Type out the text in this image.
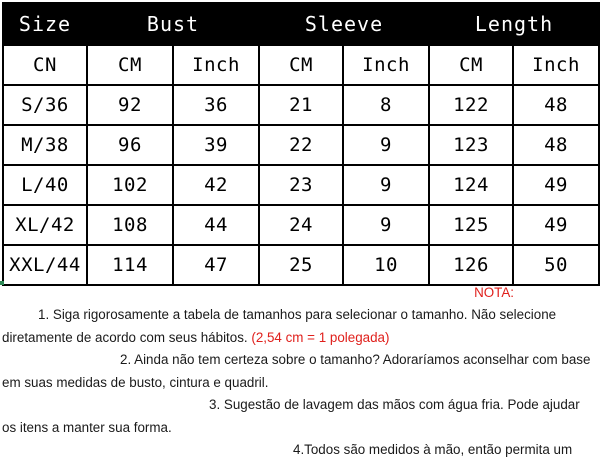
Size	Bust		Sleeve		Length	
CN	CM	Inch	CM	Inch	CM	Inch
S/36	92	36	21	8	122	48
M/38	96	39	22	9	123	48
L/40	102	42	23	9	124	49
XL/42	108	44	24	9	125	49
XXL/44	114	47	25	10	126	50
NOTA:

1. Siga rigorosamente a tabela de tamanhos para selecionar o tamanho. Não selecione diretamente de acordo com seus hábitos. (2,54 cm = 1 polegada)

2. Ainda não tem certeza sobre o tamanho? Adoraríamos aconselhar com base em suas medidas de busto, cintura e quadril.

3. Sugestão de lavagem das mãos com água fria. Pode ajudar os itens a manter sua forma.

4.Todos são medidos à mão, então permita um
